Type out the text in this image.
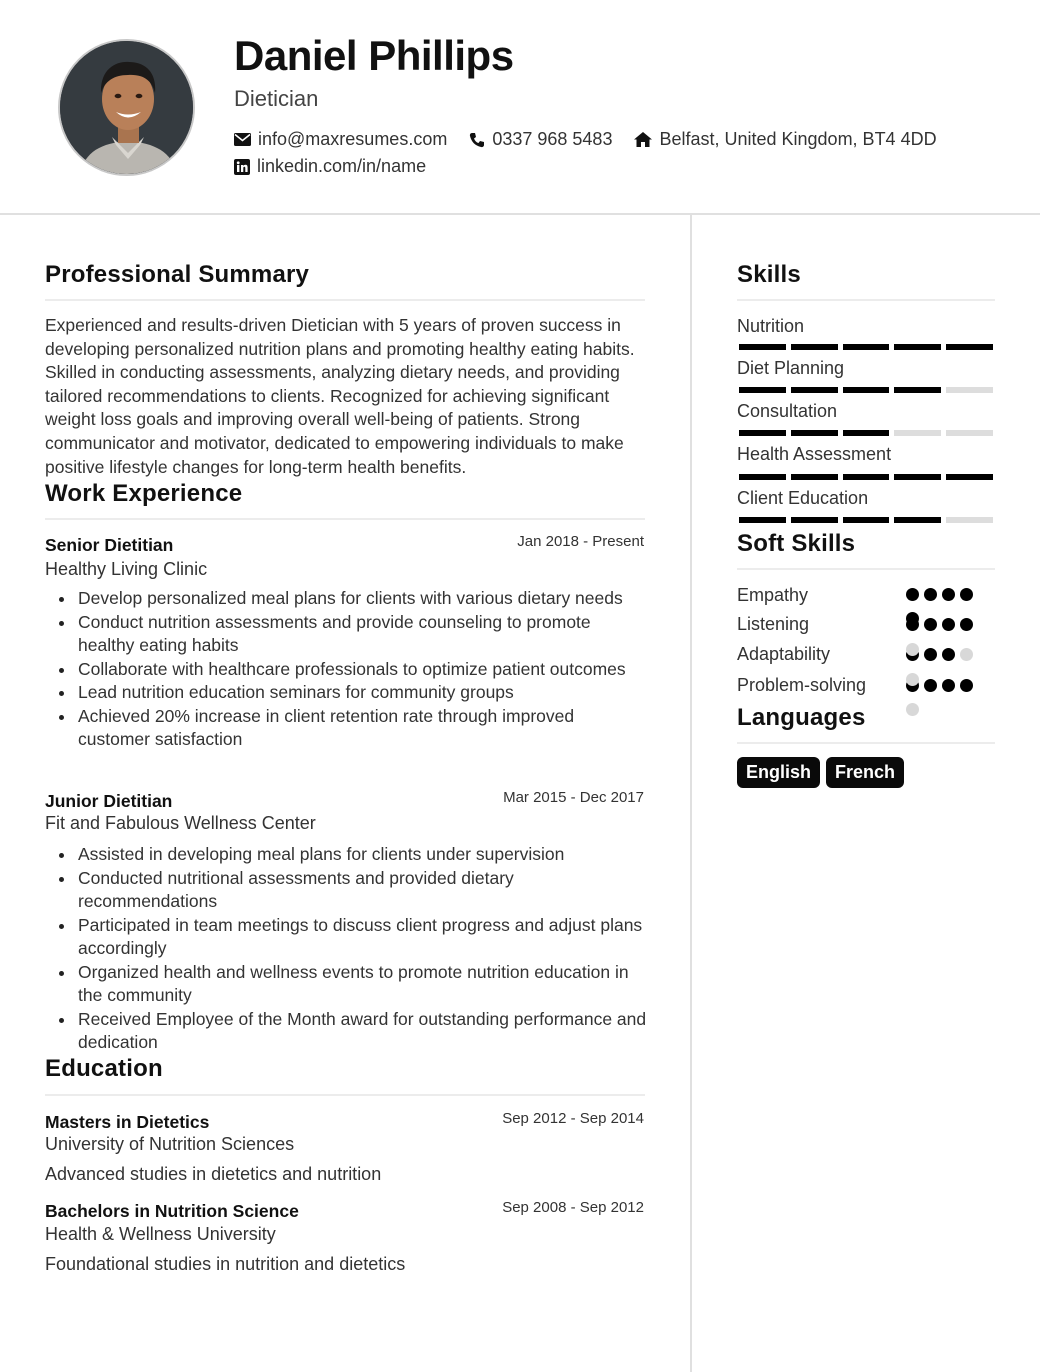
Daniel Phillips
Dietician
info@maxresumes.com	0337 968 5483	Belfast, United Kingdom, BT4 4DD
linkedin.com/in/name
Professional Summary
Experienced and results-driven Dietician with 5 years of proven success in developing personalized nutrition plans and promoting healthy eating habits. Skilled in conducting assessments, analyzing dietary needs, and providing tailored recommendations to clients. Recognized for achieving significant weight loss goals and improving overall well-being of patients. Strong communicator and motivator, dedicated to empowering individuals to make positive lifestyle changes for long-term health benefits.
Work Experience
Senior Dietitian	Jan 2018 - Present
Healthy Living Clinic
Develop personalized meal plans for clients with various dietary needs
Conduct nutrition assessments and provide counseling to promote healthy eating habits
Collaborate with healthcare professionals to optimize patient outcomes
Lead nutrition education seminars for community groups
Achieved 20% increase in client retention rate through improved customer satisfaction
Junior Dietitian	Mar 2015 - Dec 2017
Fit and Fabulous Wellness Center
Assisted in developing meal plans for clients under supervision
Conducted nutritional assessments and provided dietary recommendations
Participated in team meetings to discuss client progress and adjust plans accordingly
Organized health and wellness events to promote nutrition education in the community
Received Employee of the Month award for outstanding performance and dedication
Education
Masters in Dietetics	Sep 2012 - Sep 2014
University of Nutrition Sciences
Advanced studies in dietetics and nutrition
Bachelors in Nutrition Science	Sep 2008 - Sep 2012
Health & Wellness University
Foundational studies in nutrition and dietetics
Skills
Nutrition
Diet Planning
Consultation
Health Assessment
Client Education
Soft Skills
Empathy
Listening
Adaptability
Problem-solving
Languages
English	French
